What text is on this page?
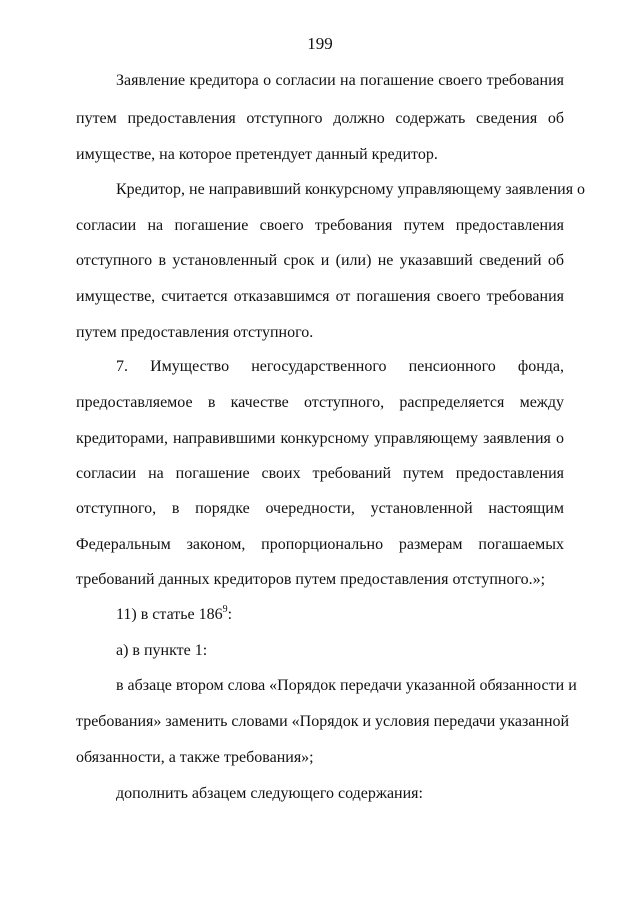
199
Заявление кредитора о согласии на погашение своего требования
путем предоставления отступного должно содержать сведения об
имуществе, на которое претендует данный кредитор.
Кредитор, не направивший конкурсному управляющему заявления о
согласии на погашение своего требования путем предоставления
отступного в установленный срок и (или) не указавший сведений об
имуществе, считается отказавшимся от погашения своего требования
путем предоставления отступного.
7. Имущество негосударственного пенсионного фонда,
предоставляемое в качестве отступного, распределяется между
кредиторами, направившими конкурсному управляющему заявления о
согласии на погашение своих требований путем предоставления
отступного, в порядке очередности, установленной настоящим
Федеральным законом, пропорционально размерам погашаемых
требований данных кредиторов путем предоставления отступного.»;
11) в статье $186^9$:
а) в пункте 1:
в абзаце втором слова «Порядок передачи указанной обязанности и
требования» заменить словами «Порядок и условия передачи указанной
обязанности, а также требования»;
дополнить абзацем следующего содержания:
